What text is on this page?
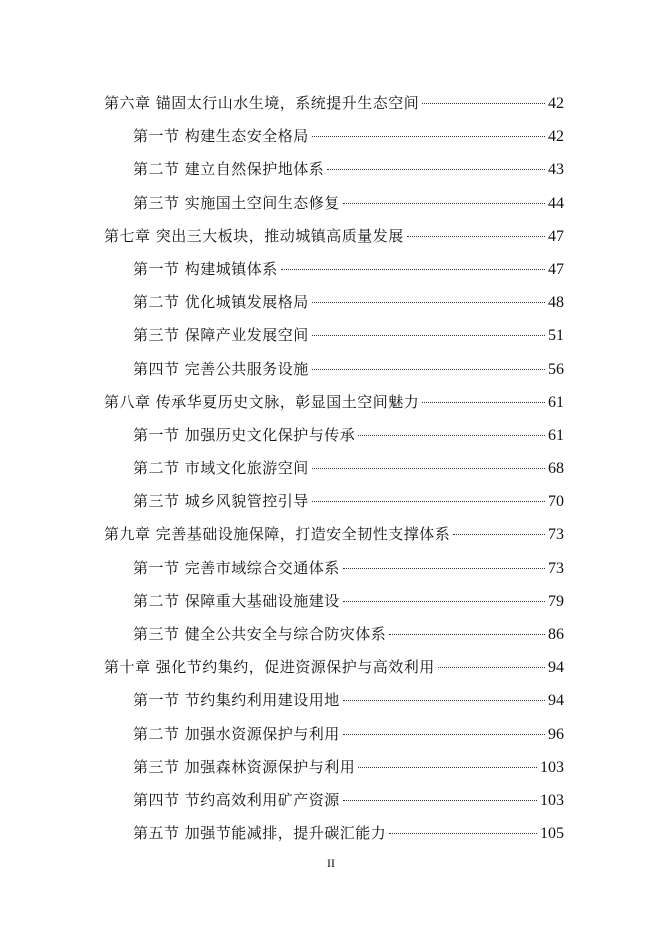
第六章 锚固太行山水生境，系统提升生态空间	42
第一节 构建生态安全格局	42
第二节 建立自然保护地体系	43
第三节 实施国土空间生态修复	44
第七章 突出三大板块，推动城镇高质量发展	47
第一节 构建城镇体系	47
第二节 优化城镇发展格局	48
第三节 保障产业发展空间	51
第四节 完善公共服务设施	56
第八章 传承华夏历史文脉，彰显国土空间魅力	61
第一节 加强历史文化保护与传承	61
第二节 市域文化旅游空间	68
第三节 城乡风貌管控引导	70
第九章 完善基础设施保障，打造安全韧性支撑体系	73
第一节 完善市域综合交通体系	73
第二节 保障重大基础设施建设	79
第三节 健全公共安全与综合防灾体系	86
第十章 强化节约集约，促进资源保护与高效利用	94
第一节 节约集约利用建设用地	94
第二节 加强水资源保护与利用	96
第三节 加强森林资源保护与利用	103
第四节 节约高效利用矿产资源	103
第五节 加强节能减排，提升碳汇能力	105
II
